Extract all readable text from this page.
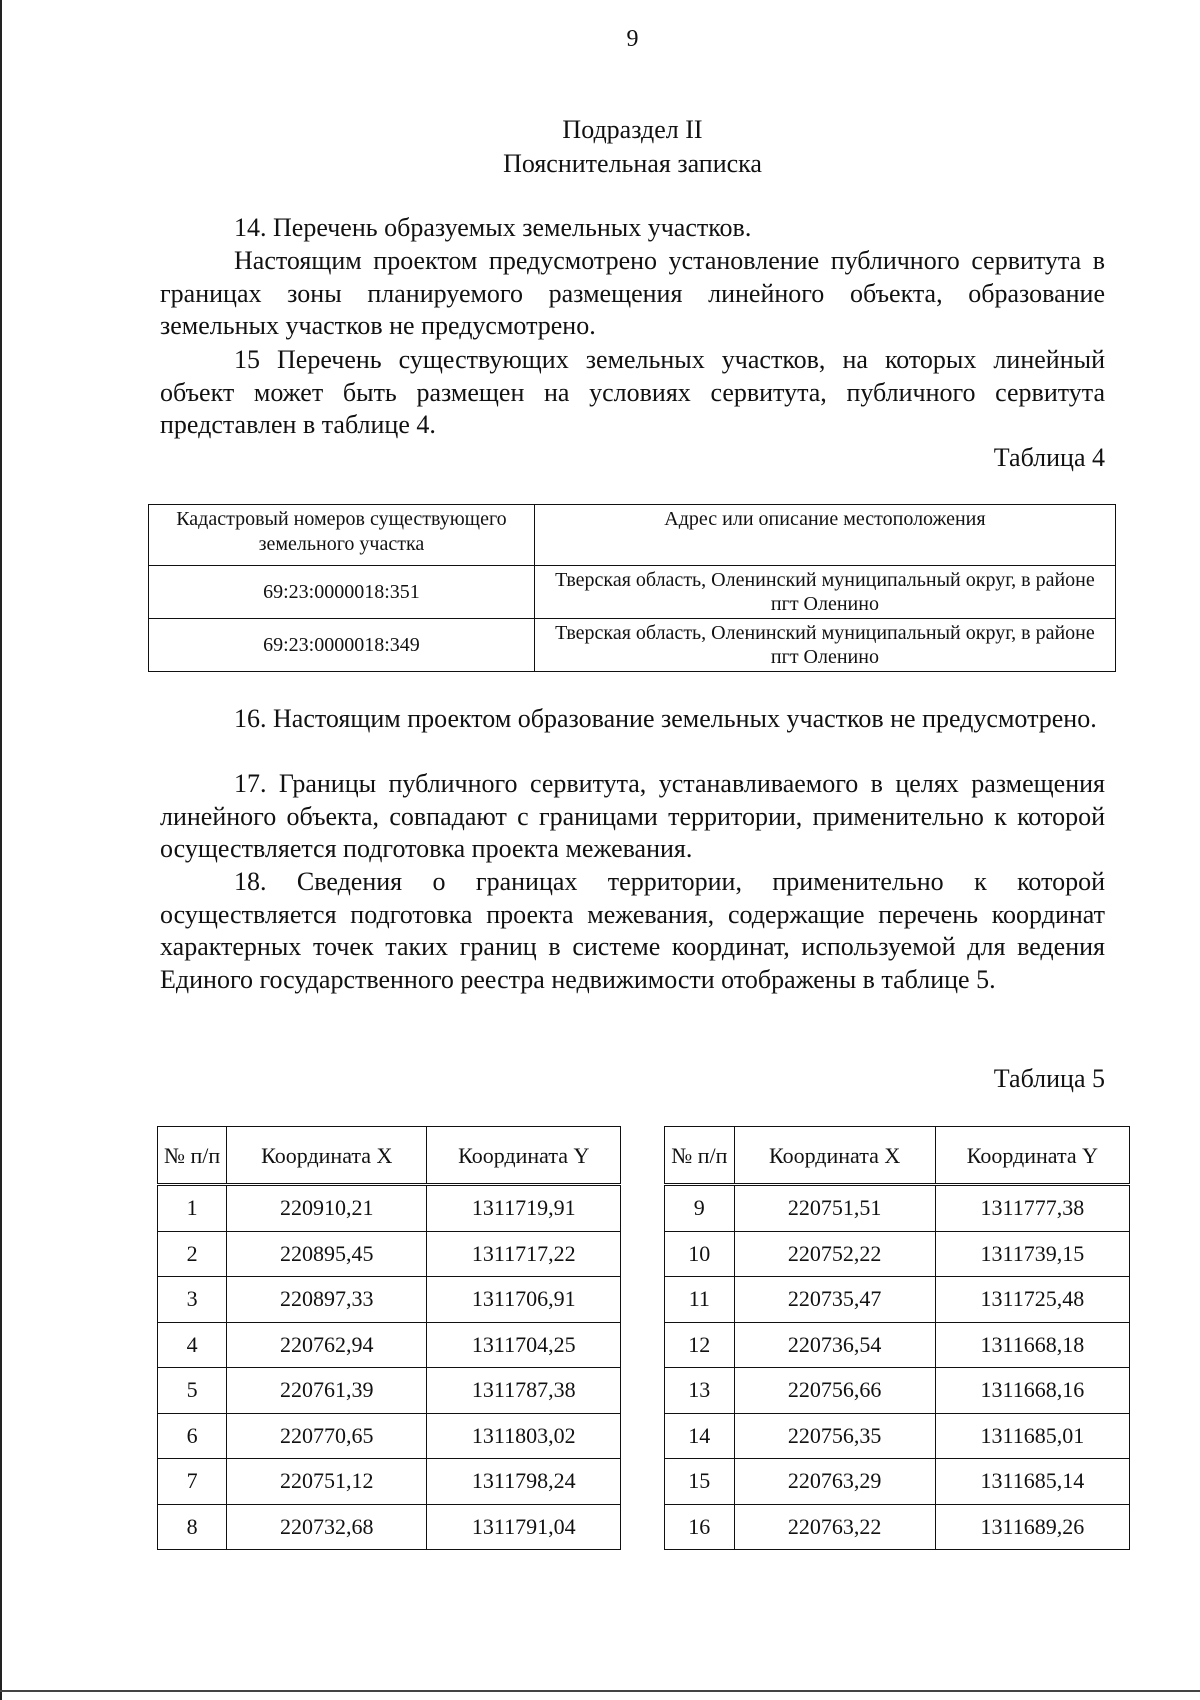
9
Подраздел II
Пояснительная записка

14. Перечень образуемых земельных участков.

Настоящим проектом предусмотрено установление публичного сервитута в границах зоны планируемого размещения линейного объекта, образование земельных участков не предусмотрено.

15 Перечень существующих земельных участков, на которых линейный объект может быть размещен на условиях сервитута, публичного сервитута представлен в таблице 4.

Таблица 4
Кадастровый номеров существующего земельного участка	Адрес или описание местоположения
69:23:0000018:351	Тверская область, Оленинский муниципальный округ, в районе пгт Оленино
69:23:0000018:349	Тверская область, Оленинский муниципальный округ, в районе пгт Оленино

16. Настоящим проектом образование земельных участков не предусмотрено.

17. Границы публичного сервитута, устанавливаемого в целях размещения линейного объекта, совпадают с границами территории, применительно к которой осуществляется подготовка проекта межевания.

18. Сведения о границах территории, применительно к которой осуществляется подготовка проекта межевания, содержащие перечень координат характерных точек таких границ в системе координат, используемой для ведения Единого государственного реестра недвижимости отображены в таблице 5.

Таблица 5
№ п/п	Координата X	Координата Y
1	220910,21	1311719,91
2	220895,45	1311717,22
3	220897,33	1311706,91
4	220762,94	1311704,25
5	220761,39	1311787,38
6	220770,65	1311803,02
7	220751,12	1311798,24
8	220732,68	1311791,04
№ п/п	Координата X	Координата Y
9	220751,51	1311777,38
10	220752,22	1311739,15
11	220735,47	1311725,48
12	220736,54	1311668,18
13	220756,66	1311668,16
14	220756,35	1311685,01
15	220763,29	1311685,14
16	220763,22	1311689,26
